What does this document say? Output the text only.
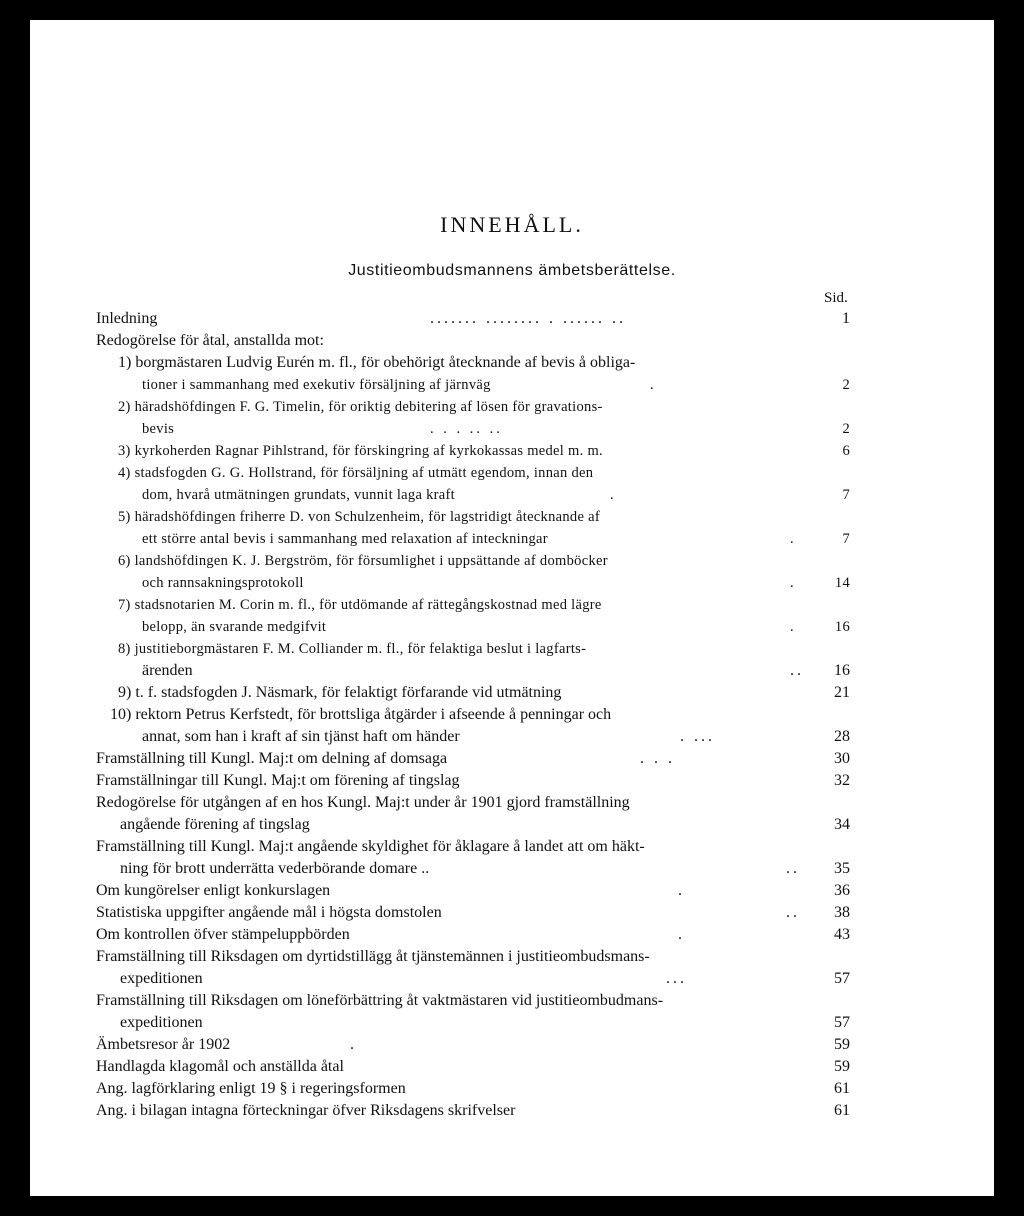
INNEHÅLL.
Justitieombudsmannens ämbetsberättelse.
Sid.
Inledning	....... ........ . ...... ..	1
Redogörelse för åtal, anstallda mot:
1) borgmästaren Ludvig Eurén m. fl., för obehörigt åtecknande af bevis å obliga-
tioner i sammanhang med exekutiv försäljning af järnväg	.	2
2) häradshöfdingen F. G. Timelin, för oriktig debitering af lösen för gravations-
bevis	. . . .. ..	2
3) kyrkoherden Ragnar Pihlstrand, för förskingring af kyrkokassas medel m. m.	6
4) stadsfogden G. G. Hollstrand, för försäljning af utmätt egendom, innan den
dom, hvarå utmätningen grundats, vunnit laga kraft	.	7
5) häradshöfdingen friherre D. von Schulzenheim, för lagstridigt åtecknande af
ett större antal bevis i sammanhang med relaxation af inteckningar	.	7
6) landshöfdingen K. J. Bergström, för försumlighet i uppsättande af domböcker
och rannsakningsprotokoll	.	14
7) stadsnotarien M. Corin m. fl., för utdömande af rättegångskostnad med lägre
belopp, än svarande medgifvit	.	16
8) justitieborgmästaren F. M. Colliander m. fl., för felaktiga beslut i lagfarts-
ärenden	..	16
9) t. f. stadsfogden J. Näsmark, för felaktigt förfarande vid utmätning	21
10) rektorn Petrus Kerfstedt, för brottsliga åtgärder i afseende å penningar och
annat, som han i kraft af sin tjänst haft om händer	. ...	28
Framställning till Kungl. Maj:t om delning af domsaga	. . .	30
Framställningar till Kungl. Maj:t om förening af tingslag	32
Redogörelse för utgången af en hos Kungl. Maj:t under år 1901 gjord framställning
angående förening af tingslag	34
Framställning till Kungl. Maj:t angående skyldighet för åklagare å landet att om häkt-
ning för brott underrätta vederbörande domare ..	..	35
Om kungörelser enligt konkurslagen	.	36
Statistiska uppgifter angående mål i högsta domstolen	..	38
Om kontrollen öfver stämpeluppbörden	.	43
Framställning till Riksdagen om dyrtidstillägg åt tjänstemännen i justitieombudsmans-
expeditionen	...	57
Framställning till Riksdagen om löneförbättring åt vaktmästaren vid justitieombudmans-
expeditionen	57
Ämbetsresor år 1902	.	59
Handlagda klagomål och anställda åtal	59
Ang. lagförklaring enligt 19 § i regeringsformen	61
Ang. i bilagan intagna förteckningar öfver Riksdagens skrifvelser	61
